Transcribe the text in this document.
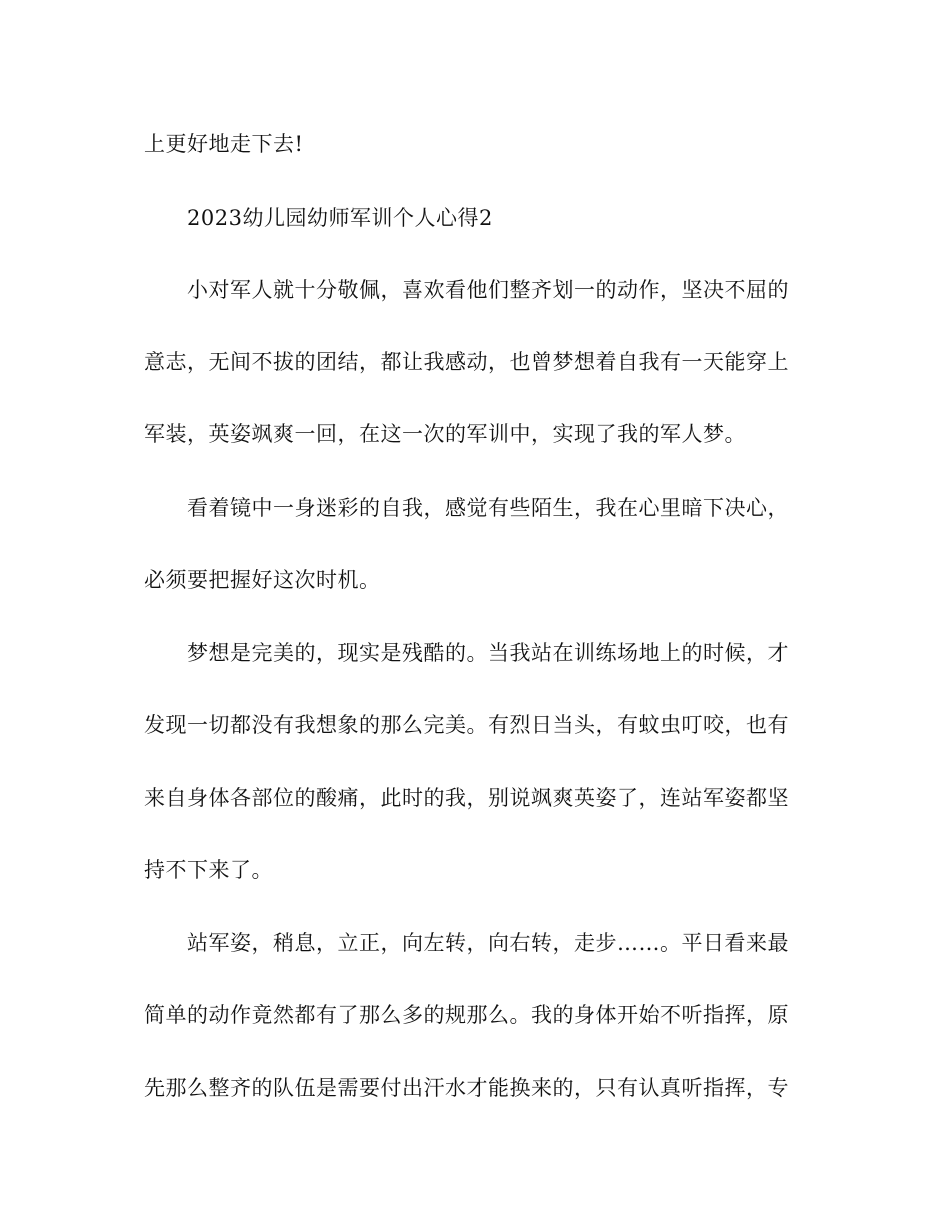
上更好地走下去!
2023幼儿园幼师军训个人心得2
小对军人就十分敬佩，喜欢看他们整齐划一的动作，坚决不屈的
意志，无间不拔的团结，都让我感动，也曾梦想着自我有一天能穿上
军装，英姿飒爽一回，在这一次的军训中，实现了我的军人梦。
看着镜中一身迷彩的自我，感觉有些陌生，我在心里暗下决心，
必须要把握好这次时机。
梦想是完美的，现实是残酷的。当我站在训练场地上的时候，才
发现一切都没有我想象的那么完美。有烈日当头，有蚊虫叮咬，也有
来自身体各部位的酸痛，此时的我，别说飒爽英姿了，连站军姿都坚
持不下来了。
站军姿，稍息，立正，向左转，向右转，走步……。平日看来最
简单的动作竟然都有了那么多的规那么。我的身体开始不听指挥，原
先那么整齐的队伍是需要付出汗水才能换来的，只有认真听指挥，专
